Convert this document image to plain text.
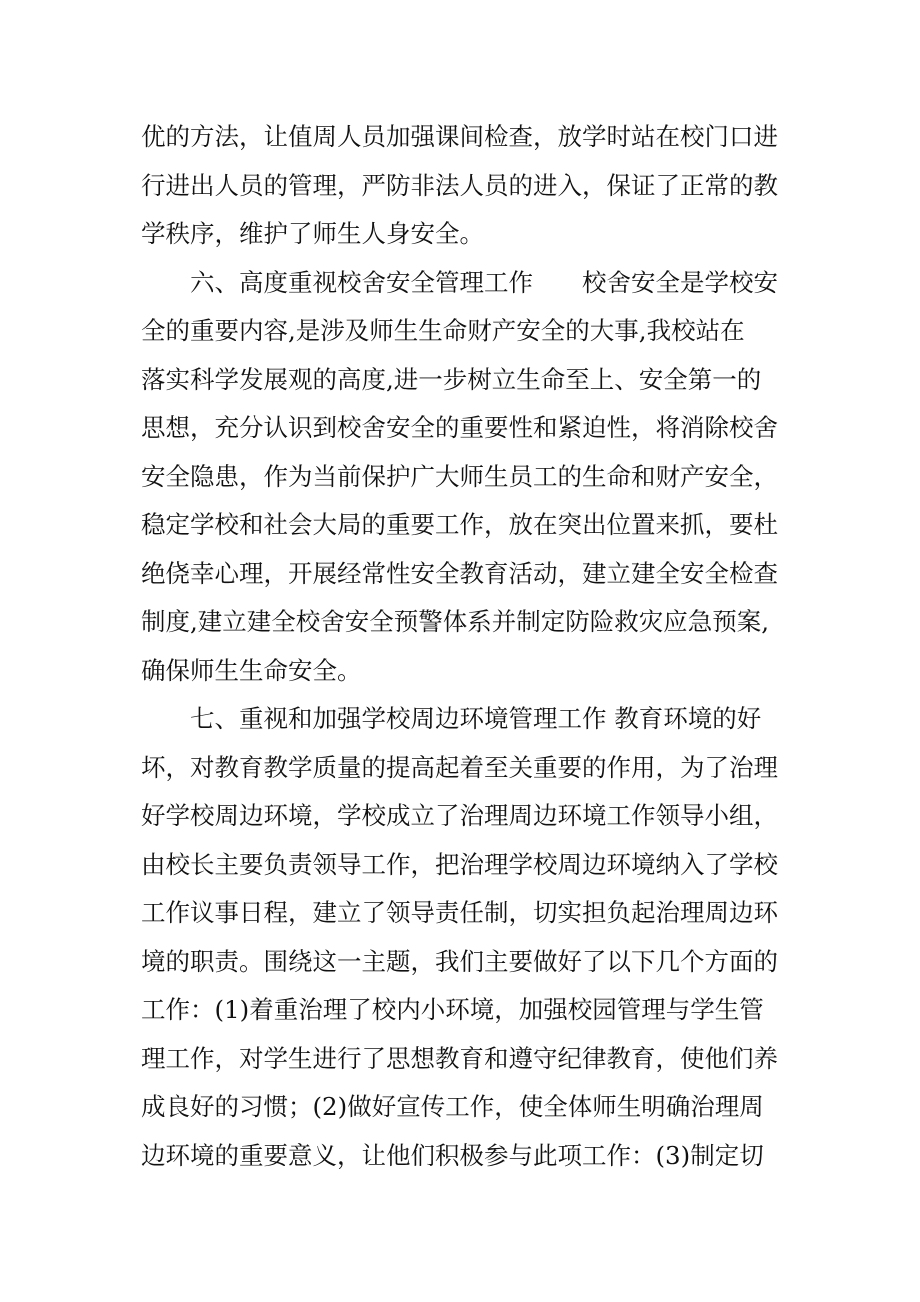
优的方法，让值周人员加强课间检查，放学时站在校门口进
行进出人员的管理，严防非法人员的进入，保证了正常的教
学秩序，维护了师生人身安全。
六、高度重视校舍安全管理工作　　校舍安全是学校安
全的重要内容,是涉及师生生命财产安全的大事,我校站在
落实科学发展观的高度,进一步树立生命至上、安全第一的
思想，充分认识到校舍安全的重要性和紧迫性，将消除校舍
安全隐患，作为当前保护广大师生员工的生命和财产安全，
稳定学校和社会大局的重要工作，放在突出位置来抓，要杜
绝侥幸心理，开展经常性安全教育活动，建立建全安全检查
制度,建立建全校舍安全预警体系并制定防险救灾应急预案,
确保师生生命安全。
七、重视和加强学校周边环境管理工作 教育环境的好
坏，对教育教学质量的提高起着至关重要的作用，为了治理
好学校周边环境，学校成立了治理周边环境工作领导小组，
由校长主要负责领导工作，把治理学校周边环境纳入了学校
工作议事日程，建立了领导责任制，切实担负起治理周边环
境的职责。围绕这一主题，我们主要做好了以下几个方面的
工作：(1)着重治理了校内小环境，加强校园管理与学生管
理工作，对学生进行了思想教育和遵守纪律教育，使他们养
成良好的习惯；(2)做好宣传工作，使全体师生明确治理周
边环境的重要意义，让他们积极参与此项工作：(3)制定切
